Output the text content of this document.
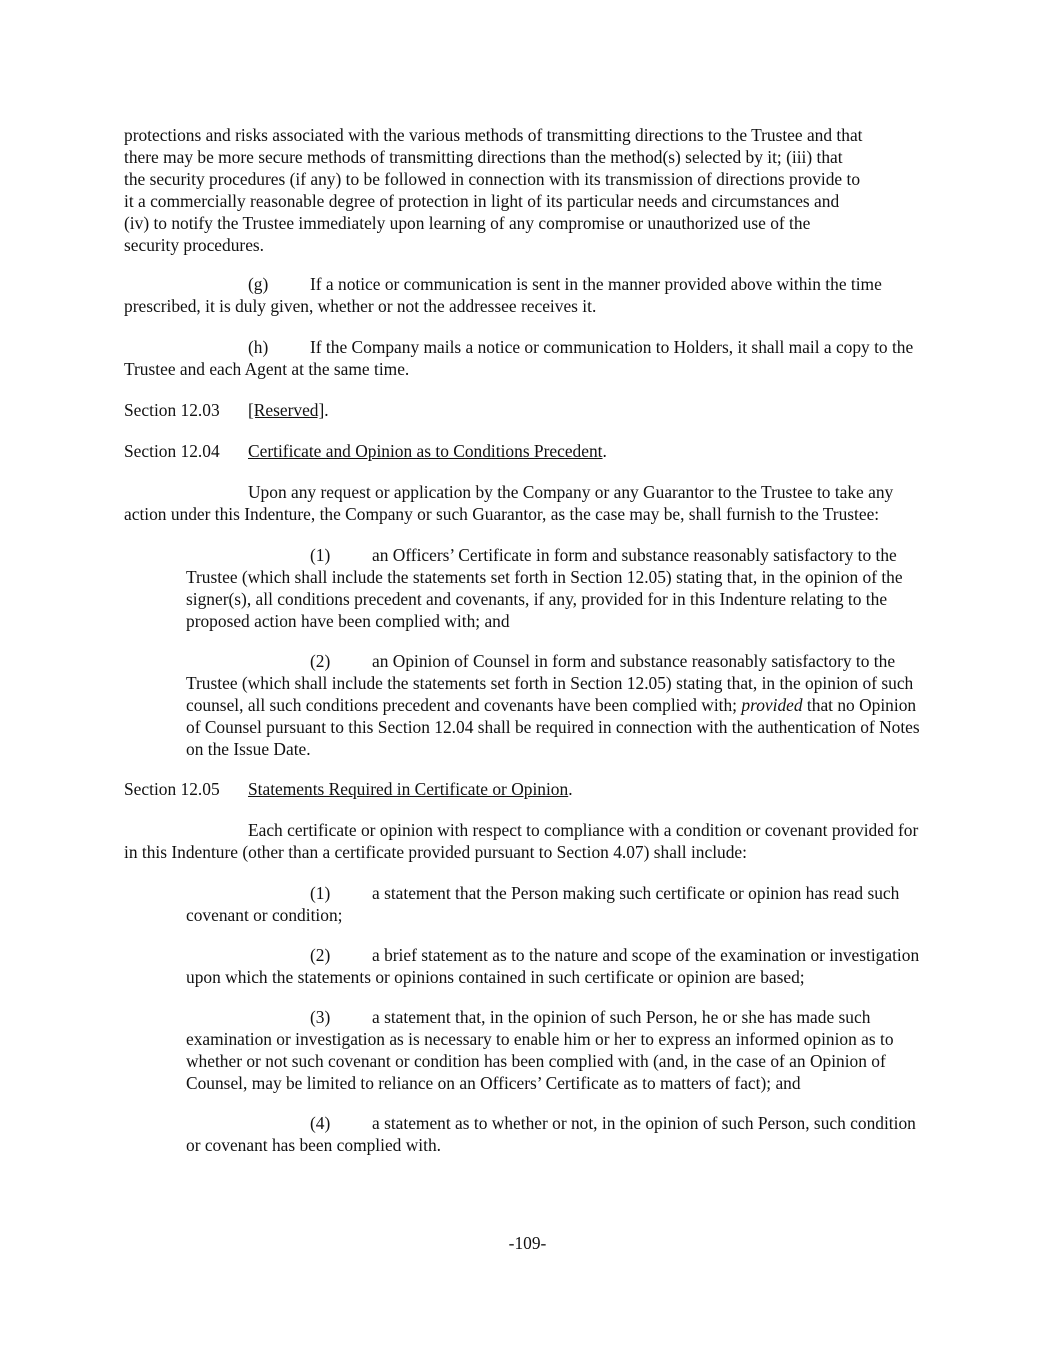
protections and risks associated with the various methods of transmitting directions to the Trustee and that
there may be more secure methods of transmitting directions than the method(s) selected by it; (iii) that
the security procedures (if any) to be followed in connection with its transmission of directions provide to
it a commercially reasonable degree of protection in light of its particular needs and circumstances and
(iv) to notify the Trustee immediately upon learning of any compromise or unauthorized use of the
security procedures.

(g) If a notice or communication is sent in the manner provided above within the time prescribed, it is duly given, whether or not the addressee receives it.

(h) If the Company mails a notice or communication to Holders, it shall mail a copy to the Trustee and each Agent at the same time.

Section 12.03 [Reserved].
Section 12.04 Certificate and Opinion as to Conditions Precedent.

Upon any request or application by the Company or any Guarantor to the Trustee to take any action under this Indenture, the Company or such Guarantor, as the case may be, shall furnish to the Trustee:

(1) an Officers’ Certificate in form and substance reasonably satisfactory to the Trustee (which shall include the statements set forth in Section 12.05) stating that, in the opinion of the signer(s), all conditions precedent and covenants, if any, provided for in this Indenture relating to the proposed action have been complied with; and

(2) an Opinion of Counsel in form and substance reasonably satisfactory to the Trustee (which shall include the statements set forth in Section 12.05) stating that, in the opinion of such counsel, all such conditions precedent and covenants have been complied with; provided that no Opinion of Counsel pursuant to this Section 12.04 shall be required in connection with the authentication of Notes on the Issue Date.

Section 12.05 Statements Required in Certificate or Opinion.

Each certificate or opinion with respect to compliance with a condition or covenant provided for in this Indenture (other than a certificate provided pursuant to Section 4.07) shall include:

(1) a statement that the Person making such certificate or opinion has read such covenant or condition;

(2) a brief statement as to the nature and scope of the examination or investigation upon which the statements or opinions contained in such certificate or opinion are based;

(3) a statement that, in the opinion of such Person, he or she has made such examination or investigation as is necessary to enable him or her to express an informed opinion as to whether or not such covenant or condition has been complied with (and, in the case of an Opinion of Counsel, may be limited to reliance on an Officers’ Certificate as to matters of fact); and

(4) a statement as to whether or not, in the opinion of such Person, such condition or covenant has been complied with.

-109-
